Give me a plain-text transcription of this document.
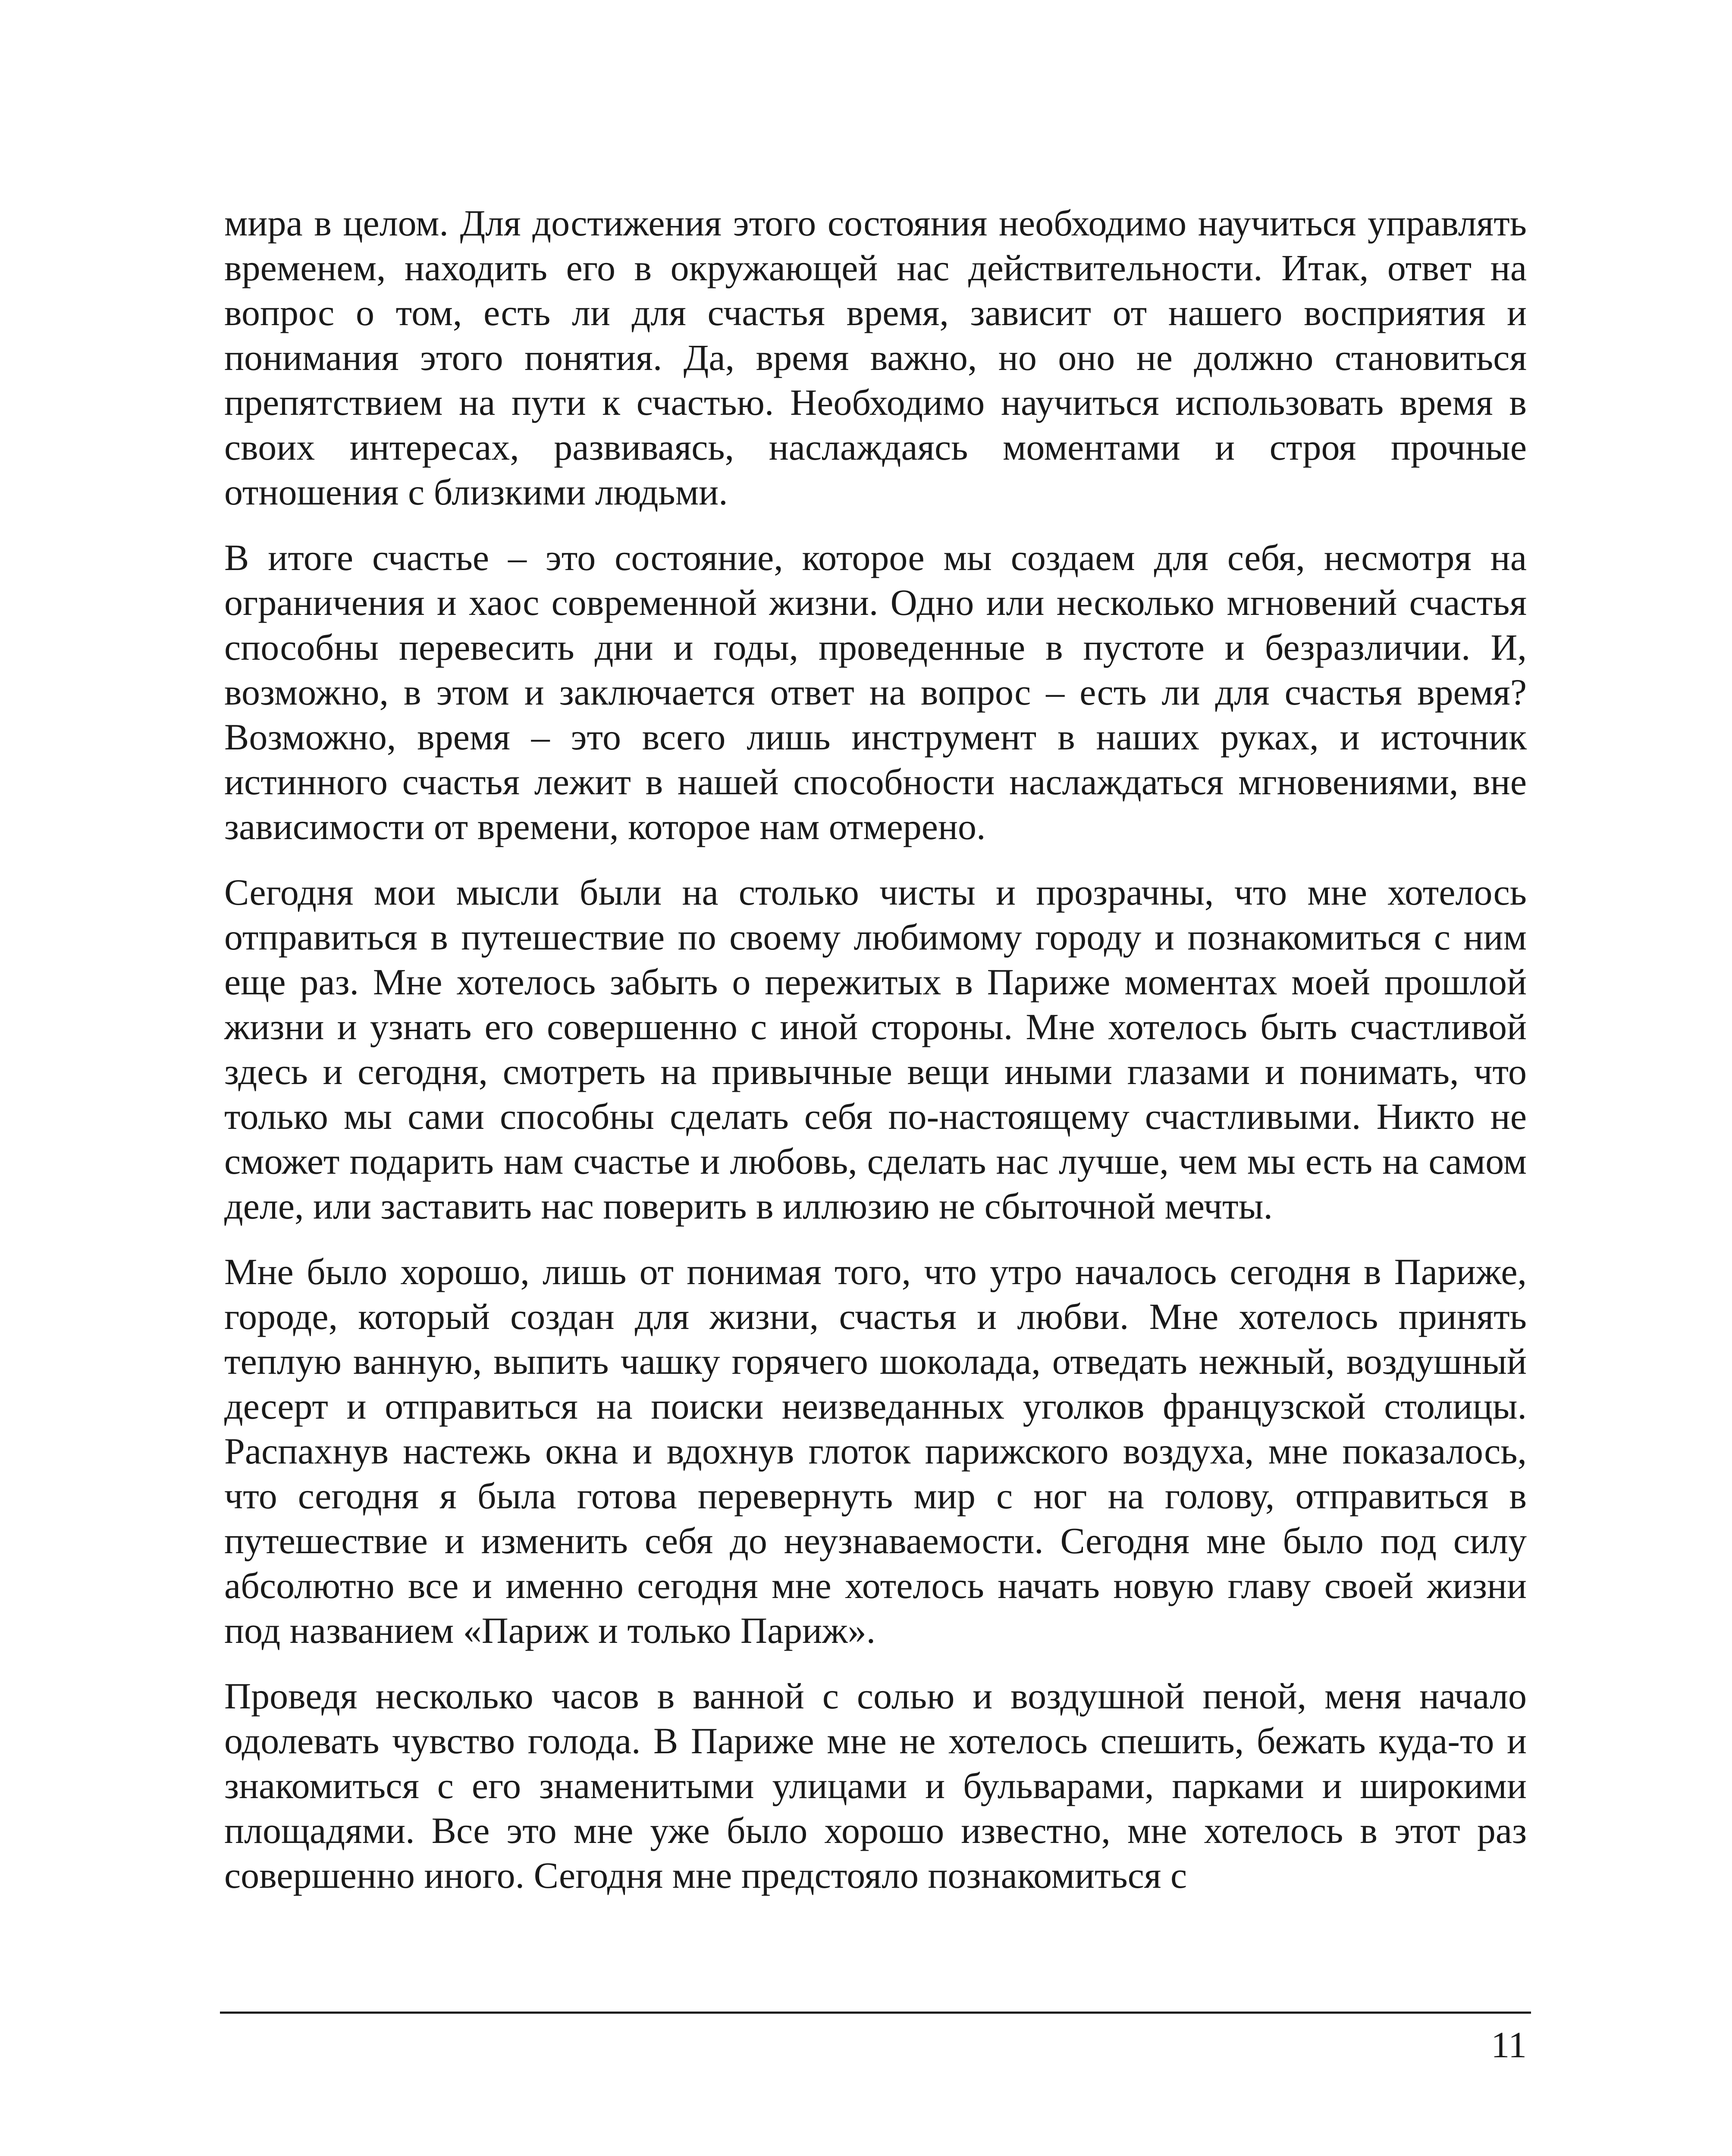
мира в целом. Для достижения этого состояния необходимо научиться управлять временем, находить его в окружающей нас действительности. Итак, ответ на вопрос о том, есть ли для счастья время, зависит от нашего восприятия и понимания этого понятия. Да, время важно, но оно не должно становиться препятствием на пути к счастью. Необходимо научиться использовать время в своих интересах, развиваясь, наслаждаясь моментами и строя прочные отношения с близкими людьми.

В итоге счастье – это состояние, которое мы создаем для себя, несмотря на ограничения и хаос современной жизни. Одно или несколько мгновений счастья способны перевесить дни и годы, проведенные в пустоте и безразличии. И, возможно, в этом и заключается ответ на вопрос – есть ли для счастья время? Возможно, время – это всего лишь инструмент в наших руках, и источник истинного счастья лежит в нашей способности наслаждаться мгновениями, вне зависимости от времени, которое нам отмерено.

Сегодня мои мысли были на столько чисты и прозрачны, что мне хотелось отправиться в путешествие по своему любимому городу и познакомиться с ним еще раз. Мне хотелось забыть о пережитых в Париже моментах моей прошлой жизни и узнать его совершенно с иной стороны. Мне хотелось быть счастливой здесь и сегодня, смотреть на привычные вещи иными глазами и понимать, что только мы сами способны сделать себя по-настоящему счастливыми. Никто не сможет подарить нам счастье и любовь, сделать нас лучше, чем мы есть на самом деле, или заставить нас поверить в иллюзию не сбыточной мечты.

Мне было хорошо, лишь от понимая того, что утро началось сегодня в Париже, городе, который создан для жизни, счастья и любви. Мне хотелось принять теплую ванную, выпить чашку горячего шоколада, отведать нежный, воздушный десерт и отправиться на поиски неизведанных уголков французской столицы. Распахнув настежь окна и вдохнув глоток парижского воздуха, мне показалось, что сегодня я была готова перевернуть мир с ног на голову, отправиться в путешествие и изменить себя до неузнаваемости. Сегодня мне было под силу абсолютно все и именно сегодня мне хотелось начать новую главу своей жизни под названием «Париж и только Париж».

Проведя несколько часов в ванной с солью и воздушной пеной, меня начало одолевать чувство голода. В Париже мне не хотелось спешить, бежать куда-то и знакомиться с его знаменитыми улицами и бульварами, парками и широкими площадями. Все это мне уже было хорошо известно, мне хотелось в этот раз совершенно иного. Сегодня мне предстояло познакомиться с

11
